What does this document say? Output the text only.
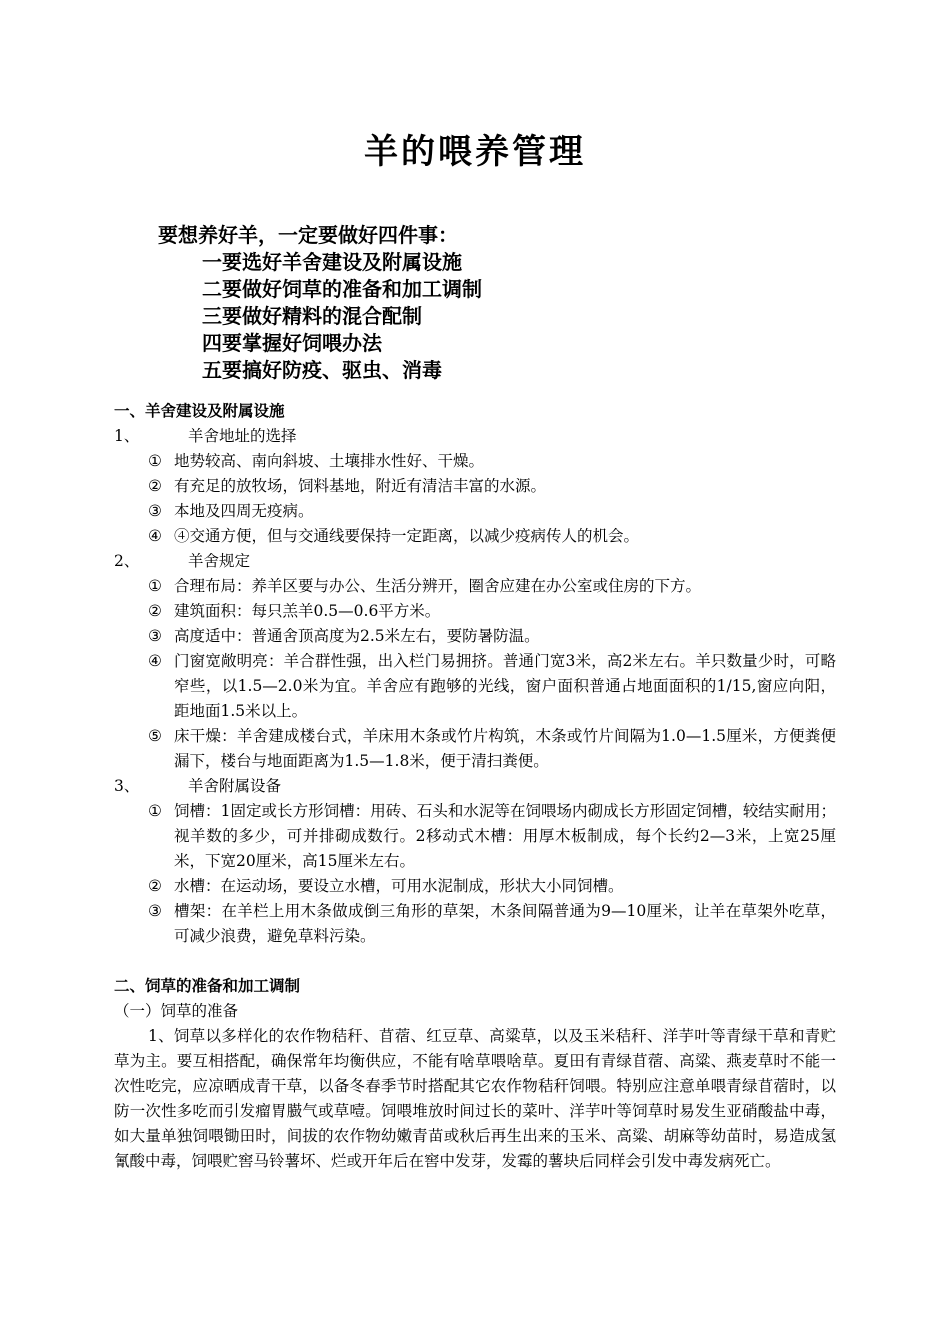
羊的喂养管理
要想养好羊，一定要做好四件事：
一要选好羊舍建设及附属设施
二要做好饲草的准备和加工调制
三要做好精料的混合配制
四要掌握好饲喂办法
五要搞好防疫、驱虫、消毒
一、羊舍建设及附属设施
1、	羊舍地址的选择
① 地势较高、南向斜坡、土壤排水性好、干燥。
② 有充足的放牧场，饲料基地，附近有清洁丰富的水源。
③ 本地及四周无疫病。
④ ④交通方便，但与交通线要保持一定距离，以减少疫病传人的机会。
2、	羊舍规定
① 合理布局：养羊区要与办公、生活分辨开，圈舍应建在办公室或住房的下方。
② 建筑面积：每只羔羊0.5—0.6平方米。
③ 高度适中：普通舍顶高度为2.5米左右，要防暑防温。
④ 门窗宽敞明亮：羊合群性强，出入栏门易拥挤。普通门宽3米，高2米左右。羊只数量少时，可略窄些，以1.5—2.0米为宜。羊舍应有跑够的光线，窗户面积普通占地面面积的1/15,窗应向阳，距地面1.5米以上。
⑤ 床干燥：羊舍建成楼台式，羊床用木条或竹片构筑，木条或竹片间隔为1.0—1.5厘米，方便粪便漏下，楼台与地面距离为1.5—1.8米，便于清扫粪便。
3、	羊舍附属设备
① 饲槽：1固定或长方形饲槽：用砖、石头和水泥等在饲喂场内砌成长方形固定饲槽，较结实耐用；视羊数的多少，可并排砌成数行。2移动式木槽：用厚木板制成，每个长约2—3米，上宽25厘米，下宽20厘米，高15厘米左右。
② 水槽：在运动场，要设立水槽，可用水泥制成，形状大小同饲槽。
③ 槽架：在羊栏上用木条做成倒三角形的草架，木条间隔普通为9—10厘米，让羊在草架外吃草，可减少浪费，避免草料污染。
二、饲草的准备和加工调制
（一）饲草的准备
1、饲草以多样化的农作物秸秆、苜蓿、红豆草、高粱草，以及玉米秸秆、洋芋叶等青绿干草和青贮草为主。要互相搭配，确保常年均衡供应，不能有啥草喂啥草。夏田有青绿苜蓿、高粱、燕麦草时不能一次性吃完，应凉晒成青干草，以备冬春季节时搭配其它农作物秸秆饲喂。特别应注意单喂青绿苜蓿时，以防一次性多吃而引发瘤胃臌气或草噎。饲喂堆放时间过长的菜叶、洋芋叶等饲草时易发生亚硝酸盐中毒，如大量单独饲喂锄田时，间拔的农作物幼嫩青苗或秋后再生出来的玉米、高粱、胡麻等幼苗时，易造成氢氰酸中毒，饲喂贮窖马铃薯坏、烂或开年后在窖中发芽，发霉的薯块后同样会引发中毒发病死亡。
